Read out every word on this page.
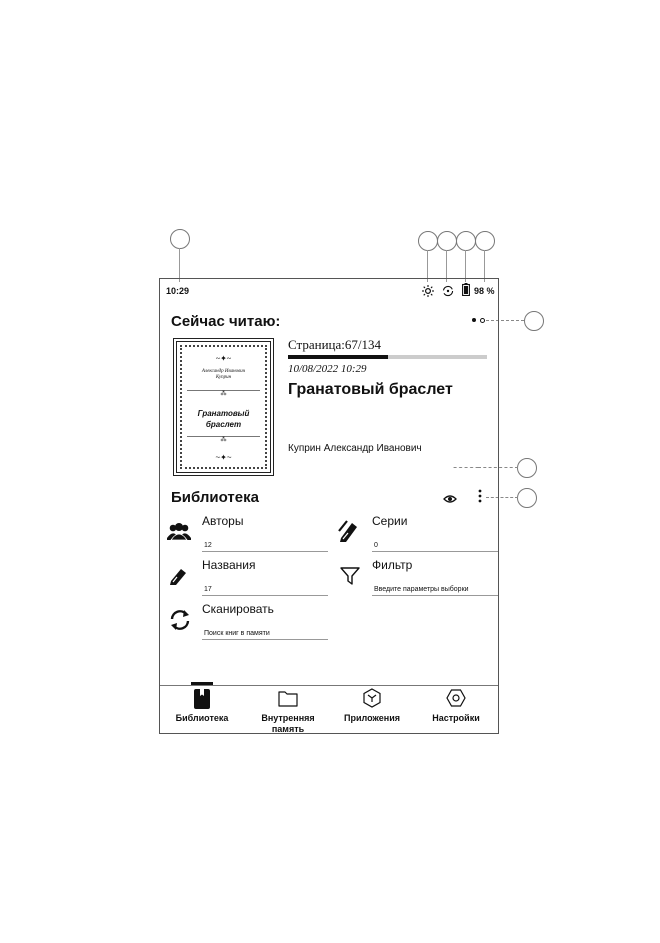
10:29	98 %
Сейчас читаю:
~✦~
Александр Иванович
Куприн
⁂
Гранатовый
браслет
⁂
~✦~
Страница:67/134
10/08/2022 10:29
Гранатовый браслет
Куприн Александр Иванович
Библиотека
Авторы
12
Серии
0
Названия
17
Фильтр
Введите параметры выборки
Сканировать
Поиск книг в памяти
Библиотека	Внутренняя
память
Приложения	Настройки
